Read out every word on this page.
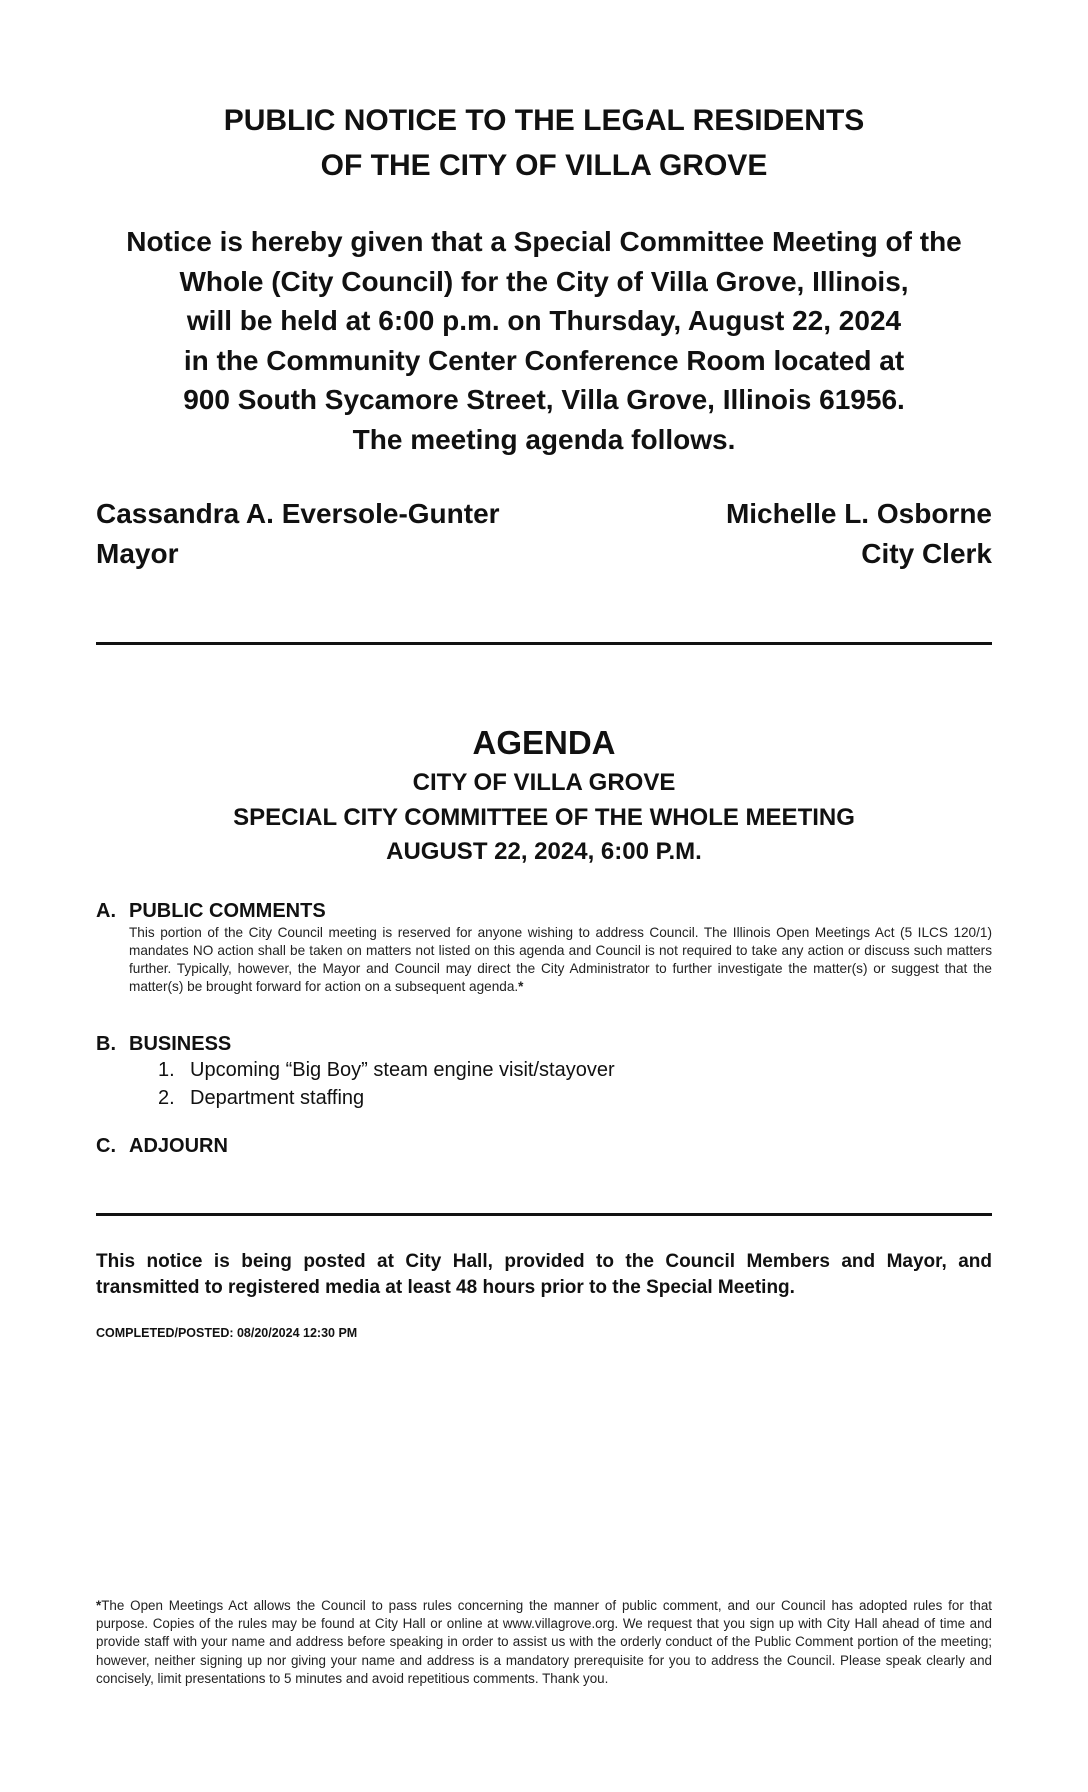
PUBLIC NOTICE TO THE LEGAL RESIDENTS
OF THE CITY OF VILLA GROVE
Notice is hereby given that a Special Committee Meeting of the
Whole (City Council) for the City of Villa Grove, Illinois,
will be held at 6:00 p.m. on Thursday, August 22, 2024
in the Community Center Conference Room located at
900 South Sycamore Street, Villa Grove, Illinois 61956.
The meeting agenda follows.
Cassandra A. Eversole-Gunter
Mayor
Michelle L. Osborne
City Clerk
AGENDA
CITY OF VILLA GROVE
SPECIAL CITY COMMITTEE OF THE WHOLE MEETING
AUGUST 22, 2024, 6:00 P.M.
A. PUBLIC COMMENTS
This portion of the City Council meeting is reserved for anyone wishing to address Council. The Illinois Open Meetings Act (5 ILCS 120/1) mandates NO action shall be taken on matters not listed on this agenda and Council is not required to take any action or discuss such matters further. Typically, however, the Mayor and Council may direct the City Administrator to further investigate the matter(s) or suggest that the matter(s) be brought forward for action on a subsequent agenda.*
B. BUSINESS
1. Upcoming “Big Boy” steam engine visit/stayover
2. Department staffing
C. ADJOURN
This notice is being posted at City Hall, provided to the Council Members and Mayor, and transmitted to registered media at least 48 hours prior to the Special Meeting.
COMPLETED/POSTED: 08/20/2024 12:30 PM
*The Open Meetings Act allows the Council to pass rules concerning the manner of public comment, and our Council has adopted rules for that purpose. Copies of the rules may be found at City Hall or online at www.villagrove.org. We request that you sign up with City Hall ahead of time and provide staff with your name and address before speaking in order to assist us with the orderly conduct of the Public Comment portion of the meeting; however, neither signing up nor giving your name and address is a mandatory prerequisite for you to address the Council. Please speak clearly and concisely, limit presentations to 5 minutes and avoid repetitious comments. Thank you.
